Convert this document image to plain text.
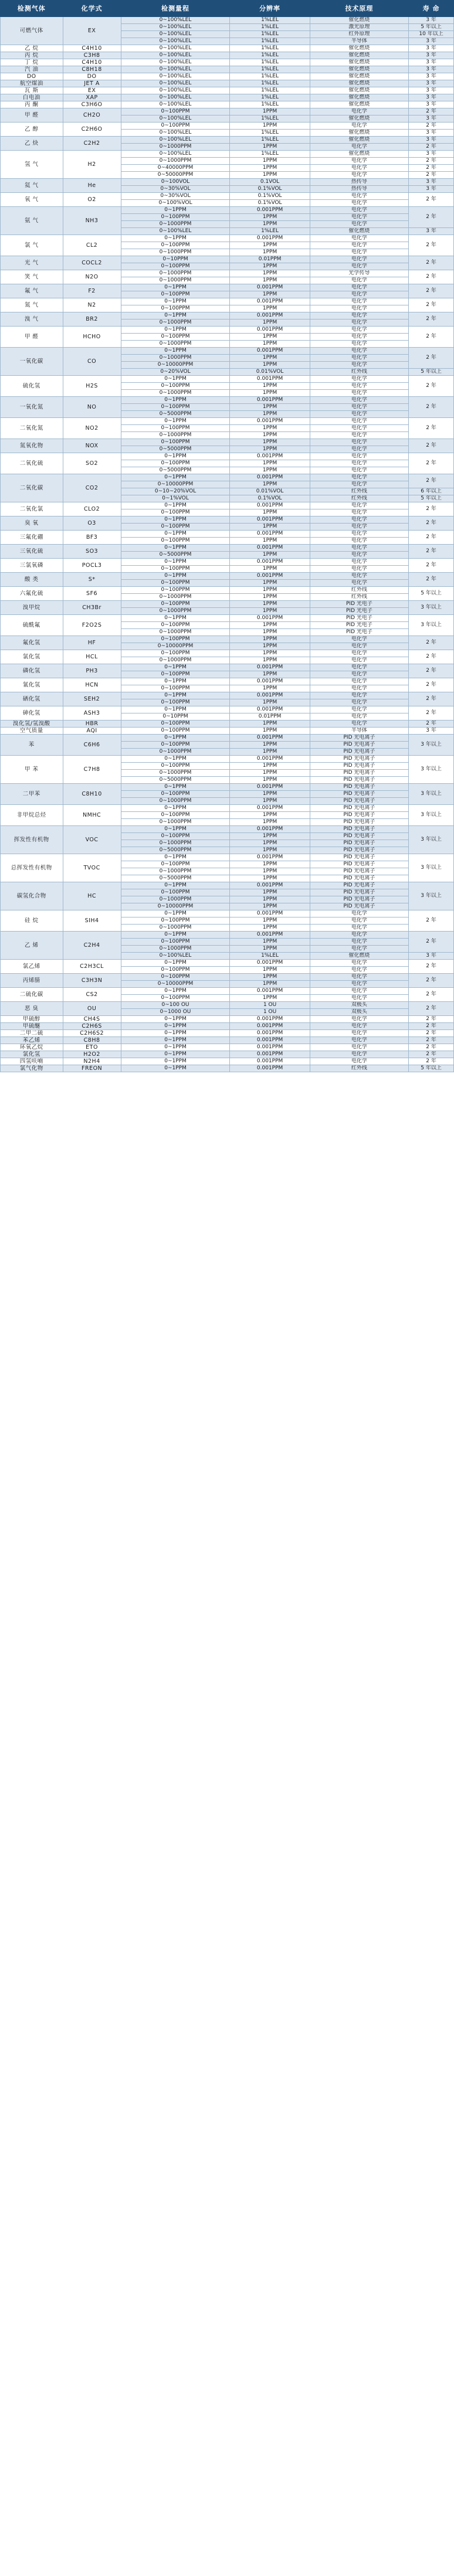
检测气体	化学式	检测量程	分辨率	技术原理	寿 命
可燃气体	EX	0~100%LEL	1%LEL	催化燃烧	3 年
		0~100%LEL	1%LEL	激光原理	5 年以上
		0~100%LEL	1%LEL	红外原理	10 年以上
		0~100%LEL	1%LEL	半导体	3 年
乙 烷	C4H10	0~100%LEL	1%LEL	催化燃烧	3 年
丙 烷	C3H8	0~100%LEL	1%LEL	催化燃烧	3 年
丁 烷	C4H10	0~100%LEL	1%LEL	催化燃烧	3 年
汽 油	C8H18	0~100%LEL	1%LEL	催化燃烧	3 年
DO	DO	0~100%LEL	1%LEL	催化燃烧	3 年
航空煤油	JET A	0~100%LEL	1%LEL	催化燃烧	3 年
瓦 斯	EX	0~100%LEL	1%LEL	催化燃烧	3 年
白电油	XAP	0~100%LEL	1%LEL	催化燃烧	3 年
丙 酮	C3H6O	0~100%LEL	1%LEL	催化燃烧	3 年
甲 醛	CH2O	0~100PPM	1PPM	电化学	2 年
		0~100%LEL	1%LEL	催化燃烧	3 年
乙 醇	C2H6O	0~100PPM	1PPM	电化学	2 年
		0~100%LEL	1%LEL	催化燃烧	3 年
乙 炔	C2H2	0~100%LEL	1%LEL	催化燃烧	3 年
		0~1000PPM	1PPM	电化学	2 年
氢 气	H2	0~100%LEL	1%LEL	催化燃烧	3 年
		0~1000PPM	1PPM	电化学	2 年
		0~40000PPM	1PPM	电化学	2 年
		0~50000PPM	1PPM	电化学	2 年
氦 气	He	0~100VOL	0.1VOL	热传导	3 年
		0~30%VOL	0.1%VOL	热传导	3 年
氧 气	O2	0~30%VOL	0.1%VOL	电化学	2 年
		0~100%VOL	0.1%VOL	电化学	
氨 气	NH3	0~1PPM	0.001PPM	电化学	2 年
		0~100PPM	1PPM	电化学	
		0~1000PPM	1PPM	电化学	
		0~100%LEL	1%LEL	催化燃烧	3 年
氯 气	CL2	0~1PPM	0.001PPM	电化学	2 年
		0~100PPM	1PPM	电化学	
		0~1000PPM	1PPM	电化学	
光 气	COCL2	0~10PPM	0.01PPM	电化学	2 年
		0~100PPM	1PPM	电化学	
笑 气	N2O	0~1000PPM	1PPM	光学传导	2 年
		0~1000PPM	1PPM	电化学	
氟 气	F2	0~1PPM	0.001PPM	电化学	2 年
		0~100PPM	1PPM	电化学	
氮 气	N2	0~1PPM	0.001PPM	电化学	2 年
		0~100PPM	1PPM	电化学	
溴 气	BR2	0~1PPM	0.001PPM	电化学	2 年
		0~1000PPM	1PPM	电化学	
甲 醛	HCHO	0~1PPM	0.001PPM	电化学	2 年
		0~100PPM	1PPM	电化学	
		0~1000PPM	1PPM	电化学	
一氧化碳	CO	0~1PPM	0.001PPM	电化学	2 年
		0~1000PPM	1PPM	电化学	
		0~10000PPM	1PPM	电化学	
		0~20%VOL	0.01%VOL	红外线	5 年以上
硫化氢	H2S	0~1PPM	0.001PPM	电化学	2 年
		0~100PPM	1PPM	电化学	
		0~1000PPM	1PPM	电化学	
一氧化氮	NO	0~1PPM	0.001PPM	电化学	2 年
		0~100PPM	1PPM	电化学	
		0~5000PPM	1PPM	电化学	
二氧化氮	NO2	0~1PPM	0.001PPM	电化学	2 年
		0~100PPM	1PPM	电化学	
		0~1000PPM	1PPM	电化学	
氮氧化物	NOX	0~100PPM	1PPM	电化学	2 年
		0~5000PPM	1PPM	电化学	
二氧化硫	SO2	0~1PPM	0.001PPM	电化学	2 年
		0~100PPM	1PPM	电化学	
		0~5000PPM	1PPM	电化学	
二氧化碳	CO2	0~1PPM	0.001PPM	电化学	2 年
		0~10000PPM	1PPM	电化学	
		0~10~20%VOL	0.01%VOL	红外线	6 年以上
		0~1%VOL	0.1%VOL	红外线	5 年以上
二氧化氯	CLO2	0~1PPM	0.001PPM	电化学	2 年
		0~100PPM	1PPM	电化学	
臭 氧	O3	0~1PPM	0.001PPM	电化学	2 年
		0~100PPM	1PPM	电化学	
三氟化硼	BF3	0~1PPM	0.001PPM	电化学	2 年
		0~100PPM	1PPM	电化学	
三氧化硫	SO3	0~1PPM	0.001PPM	电化学	2 年
		0~5000PPM	1PPM	电化学	
三氯氧磷	POCL3	0~1PPM	0.001PPM	电化学	2 年
		0~100PPM	1PPM	电化学	
酸 类	S*	0~1PPM	0.001PPM	电化学	2 年
		0~100PPM	1PPM	电化学	
六氟化硫	SF6	0~100PPM	1PPM	红外线	5 年以上
		0~1000PPM	1PPM	红外线	
溴甲烷	CH3Br	0~100PPM	1PPM	PID 光电子	3 年以上
		0~1000PPM	1PPM	PID 光电子	
硫酰氟	F2O2S	0~1PPM	0.001PPM	PID 光电子	3 年以上
		0~100PPM	1PPM	PID 光电子	
		0~1000PPM	1PPM	PID 光电子	
氟化氢	HF	0~100PPM	1PPM	电化学	2 年
		0~10000PPM	1PPM	电化学	
氯化氢	HCL	0~100PPM	1PPM	电化学	2 年
		0~1000PPM	1PPM	电化学	
磷化氢	PH3	0~1PPM	0.001PPM	电化学	2 年
		0~100PPM	1PPM	电化学	
氰化氢	HCN	0~1PPM	0.001PPM	电化学	2 年
		0~100PPM	1PPM	电化学	
硒化氢	SEH2	0~1PPM	0.001PPM	电化学	2 年
		0~100PPM	1PPM	电化学	
砷化氢	ASH3	0~1PPM	0.001PPM	电化学	2 年
		0~10PPM	0.01PPM	电化学	
溴化氢/氢溴酸	HBR	0~100PPM	1PPM	电化学	2 年
空气质量	AQI	0~100PPM	1PPM	半导体	3 年
苯	C6H6	0~1PPM	0.001PPM	PID 光电离子	3 年以上
		0~100PPM	1PPM	PID 光电离子	
		0~1000PPM	1PPM	PID 光电离子	
甲 苯	C7H8	0~1PPM	0.001PPM	PID 光电离子	3 年以上
		0~100PPM	1PPM	PID 光电离子	
		0~1000PPM	1PPM	PID 光电离子	
		0~5000PPM	1PPM	PID 光电离子	
二甲苯	C8H10	0~1PPM	0.001PPM	PID 光电离子	3 年以上
		0~100PPM	1PPM	PID 光电离子	
		0~1000PPM	1PPM	PID 光电离子	
非甲烷总烃	NMHC	0~1PPM	0.001PPM	PID 光电离子	3 年以上
		0~100PPM	1PPM	PID 光电离子	
		0~1000PPM	1PPM	PID 光电离子	
挥发性有机物	VOC	0~1PPM	0.001PPM	PID 光电离子	3 年以上
		0~100PPM	1PPM	PID 光电离子	
		0~1000PPM	1PPM	PID 光电离子	
		0~5000PPM	1PPM	PID 光电离子	
总挥发性有机物	TVOC	0~1PPM	0.001PPM	PID 光电离子	3 年以上
		0~100PPM	1PPM	PID 光电离子	
		0~1000PPM	1PPM	PID 光电离子	
		0~5000PPM	1PPM	PID 光电离子	
碳氢化合物	HC	0~1PPM	0.001PPM	PID 光电离子	3 年以上
		0~100PPM	1PPM	PID 光电离子	
		0~1000PPM	1PPM	PID 光电离子	
		0~10000PPM	1PPM	PID 光电离子	
硅 烷	SIH4	0~1PPM	0.001PPM	电化学	2 年
		0~100PPM	1PPM	电化学	
		0~1000PPM	1PPM	电化学	
乙 烯	C2H4	0~1PPM	0.001PPM	电化学	2 年
		0~100PPM	1PPM	电化学	
		0~1000PPM	1PPM	电化学	
		0~100%LEL	1%LEL	催化燃烧	3 年
氯乙烯	C2H3CL	0~1PPM	0.001PPM	电化学	2 年
		0~100PPM	1PPM	电化学	
丙烯腈	C3H3N	0~100PPM	1PPM	电化学	2 年
		0~10000PPM	1PPM	电化学	
二硫化碳	CS2	0~1PPM	0.001PPM	电化学	2 年
		0~100PPM	1PPM	电化学	
恶 臭	OU	0~100 OU	1 OU	双极头	2 年
		0~1000 OU	1 OU	双极头	
甲硫醇	CH4S	0~1PPM	0.001PPM	电化学	2 年
甲硫醚	C2H6S	0~1PPM	0.001PPM	电化学	2 年
二甲二硫	C2H6S2	0~1PPM	0.001PPM	电化学	2 年
苯乙烯	C8H8	0~1PPM	0.001PPM	电化学	2 年
环氧乙烷	ETO	0~1PPM	0.001PPM	电化学	2 年
氯化氢	H2O2	0~1PPM	0.001PPM	电化学	2 年
四氢呋喃	N2H4	0~1PPM	0.001PPM	电化学	2 年
氯气化物	FREON	0~1PPM	0.001PPM	红外线	5 年以上
